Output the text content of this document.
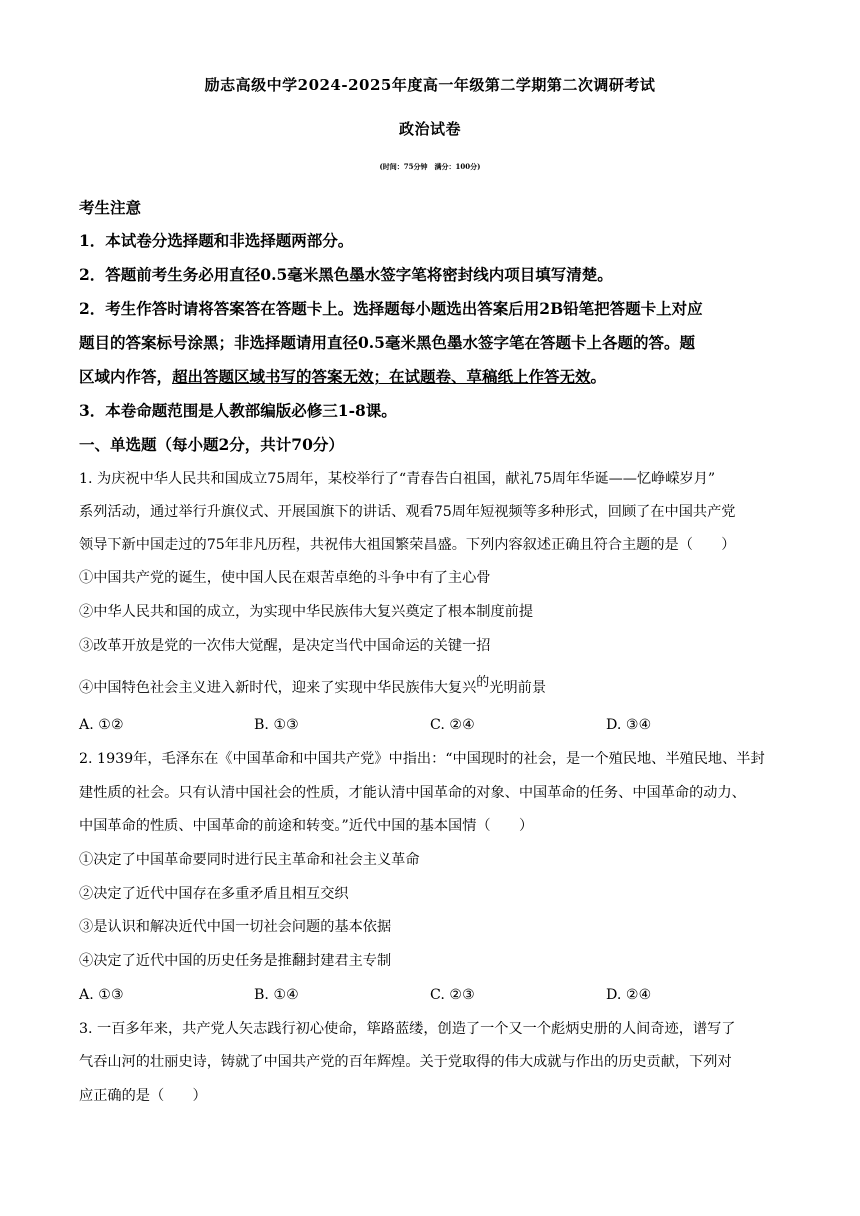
励志高级中学2024-2025年度高一年级第二学期第二次调研考试
政治试卷
(时间：75分钟　满分：100分)
考生注意
1．本试卷分选择题和非选择题两部分。
2．答题前考生务必用直径0.5毫米黑色墨水签字笔将密封线内项目填写清楚。
2．考生作答时请将答案答在答题卡上。选择题每小题选出答案后用2B铅笔把答题卡上对应
题目的答案标号涂黑；非选择题请用直径0.5毫米黑色墨水签字笔在答题卡上各题的答。题
区域内作答，超出答题区域书写的答案无效；在试题卷、草稿纸上作答无效。
3．本卷命题范围是人教部编版必修三1-8课。
一、单选题（每小题2分，共计70分）
1. 为庆祝中华人民共和国成立75周年，某校举行了“青春告白祖国，献礼75周年华诞——忆峥嵘岁月”
系列活动，通过举行升旗仪式、开展国旗下的讲话、观看75周年短视频等多种形式，回顾了在中国共产党
领导下新中国走过的75年非凡历程，共祝伟大祖国繁荣昌盛。下列内容叙述正确且符合主题的是（　　）
①中国共产党的诞生，使中国人民在艰苦卓绝的斗争中有了主心骨
②中华人民共和国的成立，为实现中华民族伟大复兴奠定了根本制度前提
③改革开放是党的一次伟大觉醒，是决定当代中国命运的关键一招
④中国特色社会主义进入新时代，迎来了实现中华民族伟大复兴的光明前景
A. ①②	B. ①③	C. ②④	D. ③④
2. 1939年，毛泽东在《中国革命和中国共产党》中指出：“中国现时的社会，是一个殖民地、半殖民地、半封
建性质的社会。只有认清中国社会的性质，才能认清中国革命的对象、中国革命的任务、中国革命的动力、
中国革命的性质、中国革命的前途和转变。”近代中国的基本国情（　　）
①决定了中国革命要同时进行民主革命和社会主义革命
②决定了近代中国存在多重矛盾且相互交织
③是认识和解决近代中国一切社会问题的基本依据
④决定了近代中国的历史任务是推翻封建君主专制
A. ①③	B. ①④	C. ②③	D. ②④
3. 一百多年来，共产党人矢志践行初心使命，筚路蓝缕，创造了一个又一个彪炳史册的人间奇迹，谱写了
气吞山河的壮丽史诗，铸就了中国共产党的百年辉煌。关于党取得的伟大成就与作出的历史贡献，下列对
应正确的是（　　）
